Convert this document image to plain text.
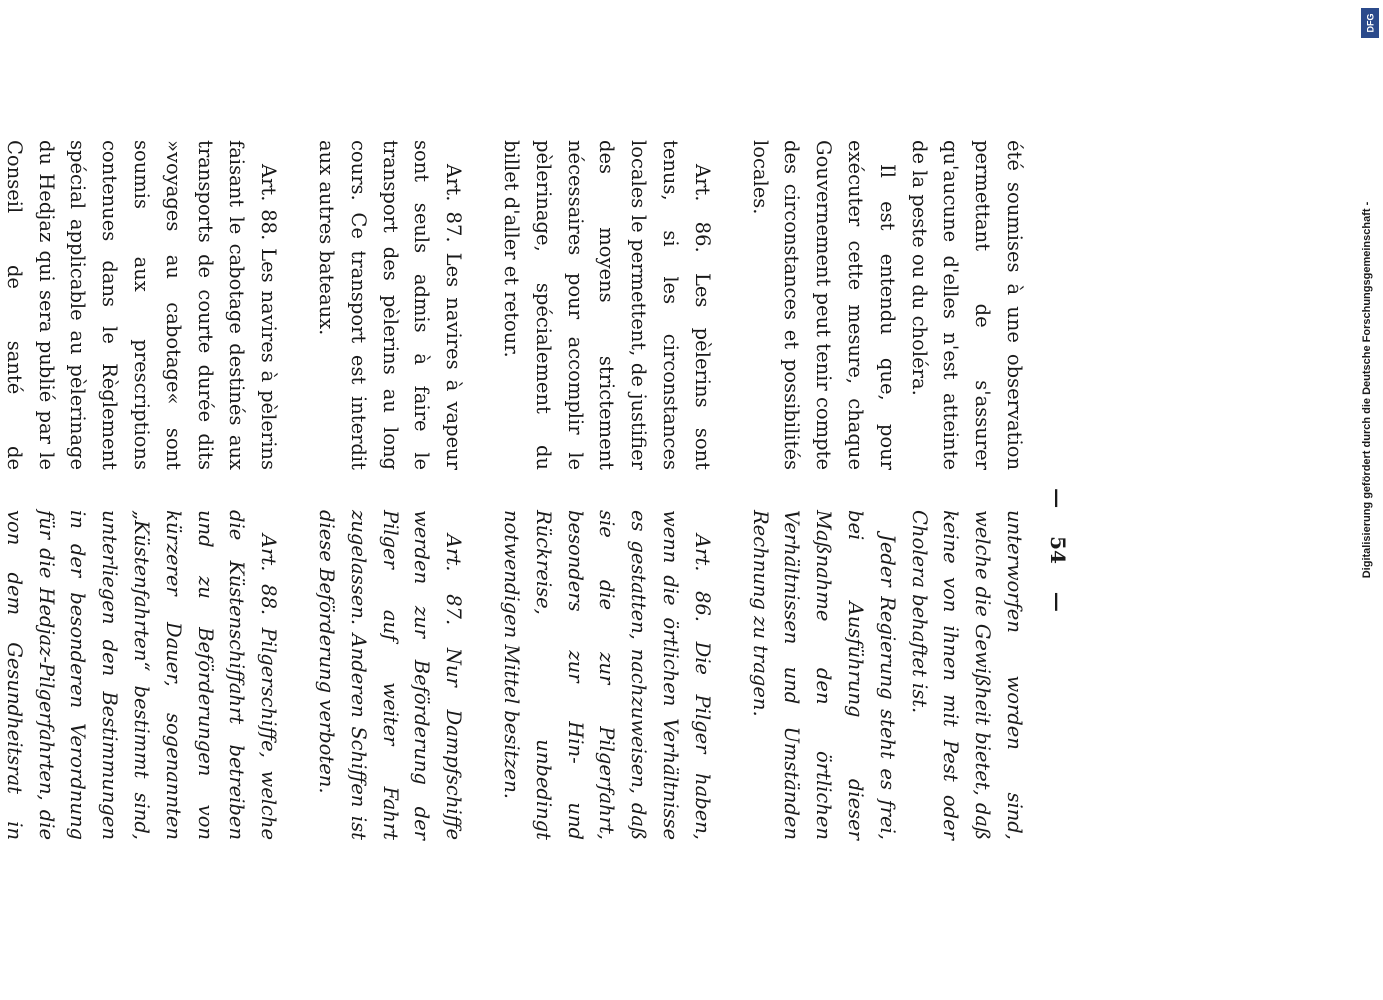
—
54
—

été soumises à une observation permettant de s'assurer qu'aucune d'elles n'est atteinte de la peste ou du choléra.

Il est entendu que, pour exécuter cette mesure, chaque Gouvernement peut tenir compte des circonstances et possibilités locales.

Art. 86. Les pèlerins sont tenus, si les circonstances locales le permettent, de justifier des moyens strictement nécessaires pour accomplir le pèlerinage, spécialement du billet d'aller et retour.

Art. 87. Les navires à vapeur sont seuls admis à faire le transport des pèlerins au long cours. Ce transport est interdit aux autres bateaux.

Art. 88. Les navires à pèlerins faisant le cabotage destinés aux transports de courte durée dits »voyages au cabotage« sont soumis aux prescriptions contenues dans le Règlement spécial applicable au pèlerinage du Hedjaz qui sera publié par le Conseil de santé de

unterworfen worden sind, welche die Gewißheit bietet, daß keine von ihnen mit Pest oder Cholera behaftet ist.

Jeder Regierung steht es frei, bei Ausführung dieser Maßnahme den örtlichen Verhältnissen und Umständen Rechnung zu tragen.

Art. 86. Die Pilger haben, wenn die örtlichen Verhältnisse es gestatten, nachzuweisen, daß sie die zur Pilgerfahrt, besonders zur Hin- und Rückreise, unbedingt notwendigen Mittel besitzen.

Art. 87. Nur Dampfschiffe werden zur Beförderung der Pilger auf weiter Fahrt zugelassen. Anderen Schiffen ist diese Beförderung verboten.

Art. 88. Pilgerschiffe, welche die Küstenschiffahrt betreiben und zu Beförderungen von kürzerer Dauer, sogenannten „Küstenfahrten“ bestimmt sind, unterliegen den Bestimmungen in der besonderen Verordnung für die Hedjaz-Pilgerfahrten, die von dem Gesundheitsrat in

Digitalisierung gefördert durch die Deutsche Forschungsgemeinschaft -
DFG
